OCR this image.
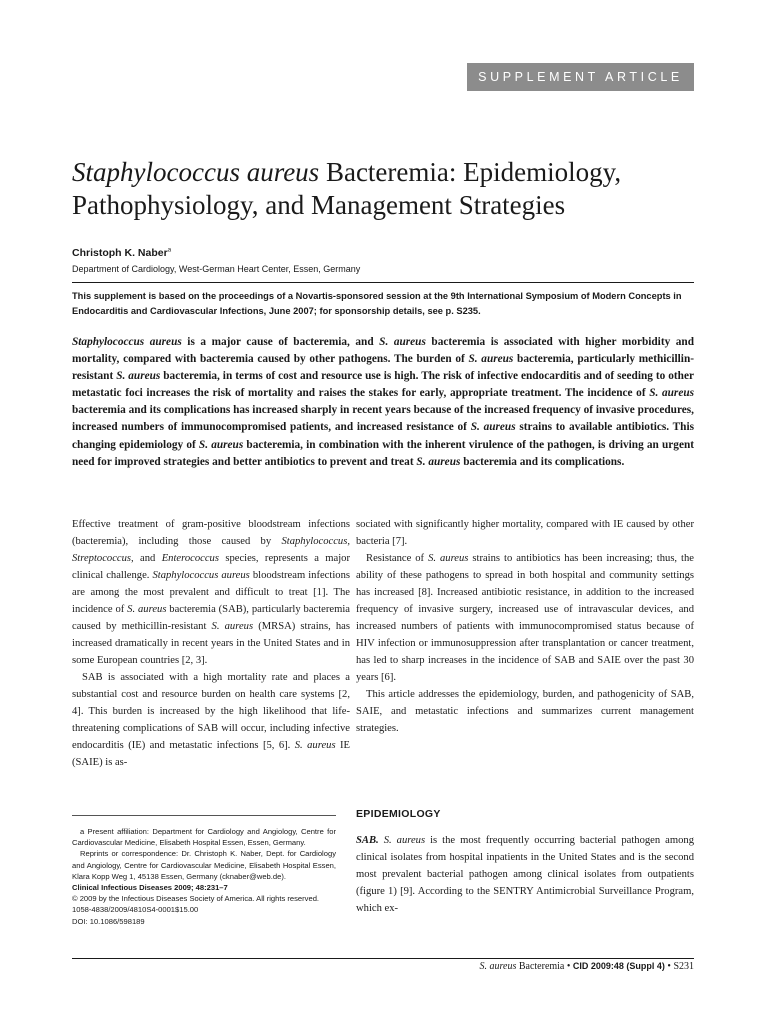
SUPPLEMENT ARTICLE
Staphylococcus aureus Bacteremia: Epidemiology, Pathophysiology, and Management Strategies
Christoph K. Naber$^a$
Department of Cardiology, West-German Heart Center, Essen, Germany
This supplement is based on the proceedings of a Novartis-sponsored session at the 9th International Symposium of Modern Concepts in Endocarditis and Cardiovascular Infections, June 2007; for sponsorship details, see p. S235.
Staphylococcus aureus is a major cause of bacteremia, and S. aureus bacteremia is associated with higher morbidity and mortality, compared with bacteremia caused by other pathogens. The burden of S. aureus bacteremia, particularly methicillin-resistant S. aureus bacteremia, in terms of cost and resource use is high. The risk of infective endocarditis and of seeding to other metastatic foci increases the risk of mortality and raises the stakes for early, appropriate treatment. The incidence of S. aureus bacteremia and its complications has increased sharply in recent years because of the increased frequency of invasive procedures, increased numbers of immunocompromised patients, and increased resistance of S. aureus strains to available antibiotics. This changing epidemiology of S. aureus bacteremia, in combination with the inherent virulence of the pathogen, is driving an urgent need for improved strategies and better antibiotics to prevent and treat S. aureus bacteremia and its complications.

Effective treatment of gram-positive bloodstream infections (bacteremia), including those caused by Staphylococcus, Streptococcus, and Enterococcus species, represents a major clinical challenge. Staphylococcus aureus bloodstream infections are among the most prevalent and difficult to treat [1]. The incidence of S. aureus bacteremia (SAB), particularly bacteremia caused by methicillin-resistant S. aureus (MRSA) strains, has increased dramatically in recent years in the United States and in some European countries [2, 3].

SAB is associated with a high mortality rate and places a substantial cost and resource burden on health care systems [2, 4]. This burden is increased by the high likelihood that life-threatening complications of SAB will occur, including infective endocarditis (IE) and metastatic infections [5, 6]. S. aureus IE (SAIE) is as-

sociated with significantly higher mortality, compared with IE caused by other bacteria [7].

Resistance of S. aureus strains to antibiotics has been increasing; thus, the ability of these pathogens to spread in both hospital and community settings has increased [8]. Increased antibiotic resistance, in addition to the increased frequency of invasive surgery, increased use of intravascular devices, and increased numbers of patients with immunocompromised status because of HIV infection or immunosuppression after transplantation or cancer treatment, has led to sharp increases in the incidence of SAB and SAIE over the past 30 years [6].

This article addresses the epidemiology, burden, and pathogenicity of SAB, SAIE, and metastatic infections and summarizes current management strategies.

EPIDEMIOLOGY

SAB. S. aureus is the most frequently occurring bacterial pathogen among clinical isolates from hospital inpatients in the United States and is the second most prevalent bacterial pathogen among clinical isolates from outpatients (figure 1) [9]. According to the SENTRY Antimicrobial Surveillance Program, which ex-

a Present affiliation: Department for Cardiology and Angiology, Centre for Cardiovascular Medicine, Elisabeth Hospital Essen, Essen, Germany.

Reprints or correspondence: Dr. Christoph K. Naber, Dept. for Cardiology and Angiology, Centre for Cardiovascular Medicine, Elisabeth Hospital Essen, Klara Kopp Weg 1, 45138 Essen, Germany (cknaber@web.de).

Clinical Infectious Diseases 2009; 48:231–7

© 2009 by the Infectious Diseases Society of America. All rights reserved.

1058-4838/2009/4810S4-0001$15.00

DOI: 10.1086/598189

S. aureus Bacteremia • CID 2009:48 (Suppl 4) • S231
